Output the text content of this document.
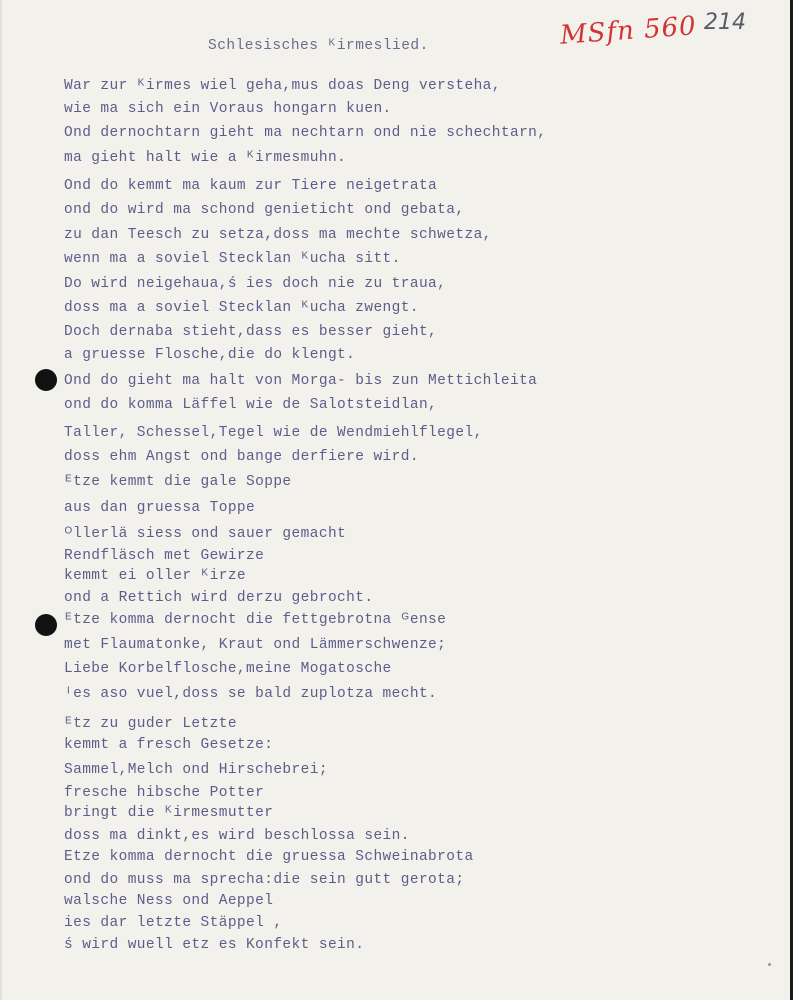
MSfn 560 214
Schlesisches ᴷirmeslied.
War zur ᴷirmes wiel geha,mus doas Deng versteha,
wie ma sich ein Voraus hongarn kuen.
Ond dernochtarn gieht ma nechtarn ond nie schechtarn,
ma gieht halt wie a ᴷirmesmuhn.
Ond do kemmt ma kaum zur Tiere neigetrata
ond do wird ma schond genieticht ond gebata,
zu dan Teesch zu setza,doss ma mechte schwetza,
wenn ma a soviel Stecklan ᴷucha sitt.
Do wird neigehaua,ś ies doch nie zu traua,
doss ma a soviel Stecklan ᴷucha zwengt.
Doch dernaba stieht,dass es besser gieht,
a gruesse Flosche,die do klengt.
Ond do gieht ma halt von Morga- bis zun Mettichleita
ond do komma Läffel wie de Salotsteidlan,
Taller, Schessel,Tegel wie de Wendmiehlflegel,
doss ehm Angst ond bange derfiere wird.
ᴱtze kemmt die gale Soppe
aus dan gruessa Toppe
ᴼllerlä siess ond sauer gemacht
Rendfläsch met Gewirze
kemmt ei oller ᴷirze
ond a Rettich wird derzu gebrocht.
ᴱtze komma dernocht die fettgebrotna ᴳense
met Flaumatonke, Kraut ond Lämmerschwenze;
Liebe Korbelflosche,meine Mogatosche
ᴵes aso vuel,doss se bald zuplotza mecht.
ᴱtz zu guder Letzte
kemmt a fresch Gesetze:
Sammel,Melch ond Hirschebrei;
fresche hibsche Potter
bringt die ᴷirmesmutter
doss ma dinkt,es wird beschlossa sein.
Etze komma dernocht die gruessa Schweinabrota
ond do muss ma sprecha:die sein gutt gerota;
walsche Ness ond Aeppel
ies dar letzte Stäppel ,
ś wird wuell etz es Konfekt sein.
